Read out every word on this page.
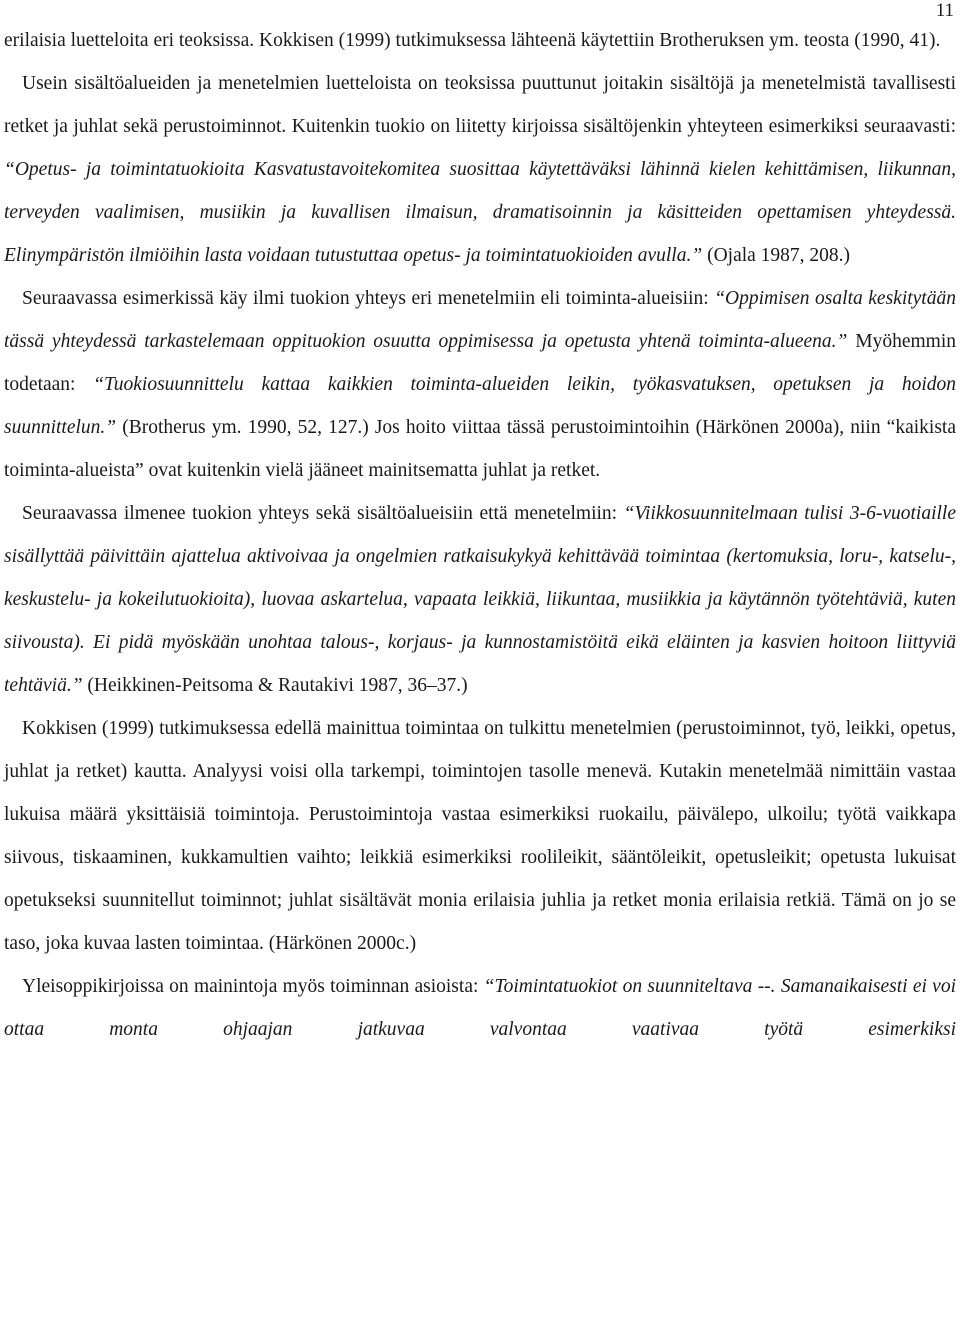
11

erilaisia luetteloita eri teoksissa. Kokkisen (1999) tutkimuksessa lähteenä käytettiin Brotheruksen ym. teosta (1990, 41).

Usein sisältöalueiden ja menetelmien luetteloista on teoksissa puuttunut joitakin sisältöjä ja menetelmistä tavallisesti retket ja juhlat sekä perustoiminnot. Kuitenkin tuokio on liitetty kirjoissa sisältöjenkin yhteyteen esimerkiksi seuraavasti: “Opetus- ja toimintatuokioita Kasvatustavoitekomitea suosittaa käytettäväksi lähinnä kielen kehittämisen, liikunnan, terveyden vaalimisen, musiikin ja kuvallisen ilmaisun, dramatisoinnin ja käsitteiden opettamisen yhteydessä. Elinympäristön ilmiöihin lasta voidaan tutustuttaa opetus- ja toimintatuokioiden avulla.” (Ojala 1987, 208.)

Seuraavassa esimerkissä käy ilmi tuokion yhteys eri menetelmiin eli toiminta-alueisiin: “Oppimisen osalta keskitytään tässä yhteydessä tarkastelemaan oppituokion osuutta oppimisessa ja opetusta yhtenä toiminta-alueena.” Myöhemmin todetaan: “Tuokiosuunnittelu kattaa kaikkien toiminta-alueiden leikin, työkasvatuksen, opetuksen ja hoidon suunnittelun.” (Brotherus ym. 1990, 52, 127.) Jos hoito viittaa tässä perustoimintoihin (Härkönen 2000a), niin “kaikista toiminta-alueista” ovat kuitenkin vielä jääneet mainitsematta juhlat ja retket.

Seuraavassa ilmenee tuokion yhteys sekä sisältöalueisiin että menetelmiin: “Viikkosuunnitelmaan tulisi 3-6-vuotiaille sisällyttää päivittäin ajattelua aktivoivaa ja ongelmien ratkaisukykyä kehittävää toimintaa (kertomuksia, loru-, katselu-, keskustelu- ja kokeilutuokioita), luovaa askartelua, vapaata leikkiä, liikuntaa, musiikkia ja käytännön työtehtäviä, kuten siivousta). Ei pidä myöskään unohtaa talous-, korjaus- ja kunnostamistöitä eikä eläinten ja kasvien hoitoon liittyviä tehtäviä.” (Heikkinen-Peitsoma & Rautakivi 1987, 36–37.)

Kokkisen (1999) tutkimuksessa edellä mainittua toimintaa on tulkittu menetelmien (perustoiminnot, työ, leikki, opetus, juhlat ja retket) kautta. Analyysi voisi olla tarkempi, toimintojen tasolle menevä. Kutakin menetelmää nimittäin vastaa lukuisa määrä yksittäisiä toimintoja. Perustoimintoja vastaa esimerkiksi ruokailu, päivälepo, ulkoilu; työtä vaikkapa siivous, tiskaaminen, kukkamultien vaihto; leikkiä esimerkiksi roolileikit, sääntöleikit, opetusleikit; opetusta lukuisat opetukseksi suunnitellut toiminnot; juhlat sisältävät monia erilaisia juhlia ja retket monia erilaisia retkiä. Tämä on jo se taso, joka kuvaa lasten toimintaa. (Härkönen 2000c.)

Yleisoppikirjoissa on mainintoja myös toiminnan asioista: “Toimintatuokiot on suunniteltava --. Samanaikaisesti ei voi ottaa monta ohjaajan jatkuvaa valvontaa vaativaa työtä esimerkiksi
